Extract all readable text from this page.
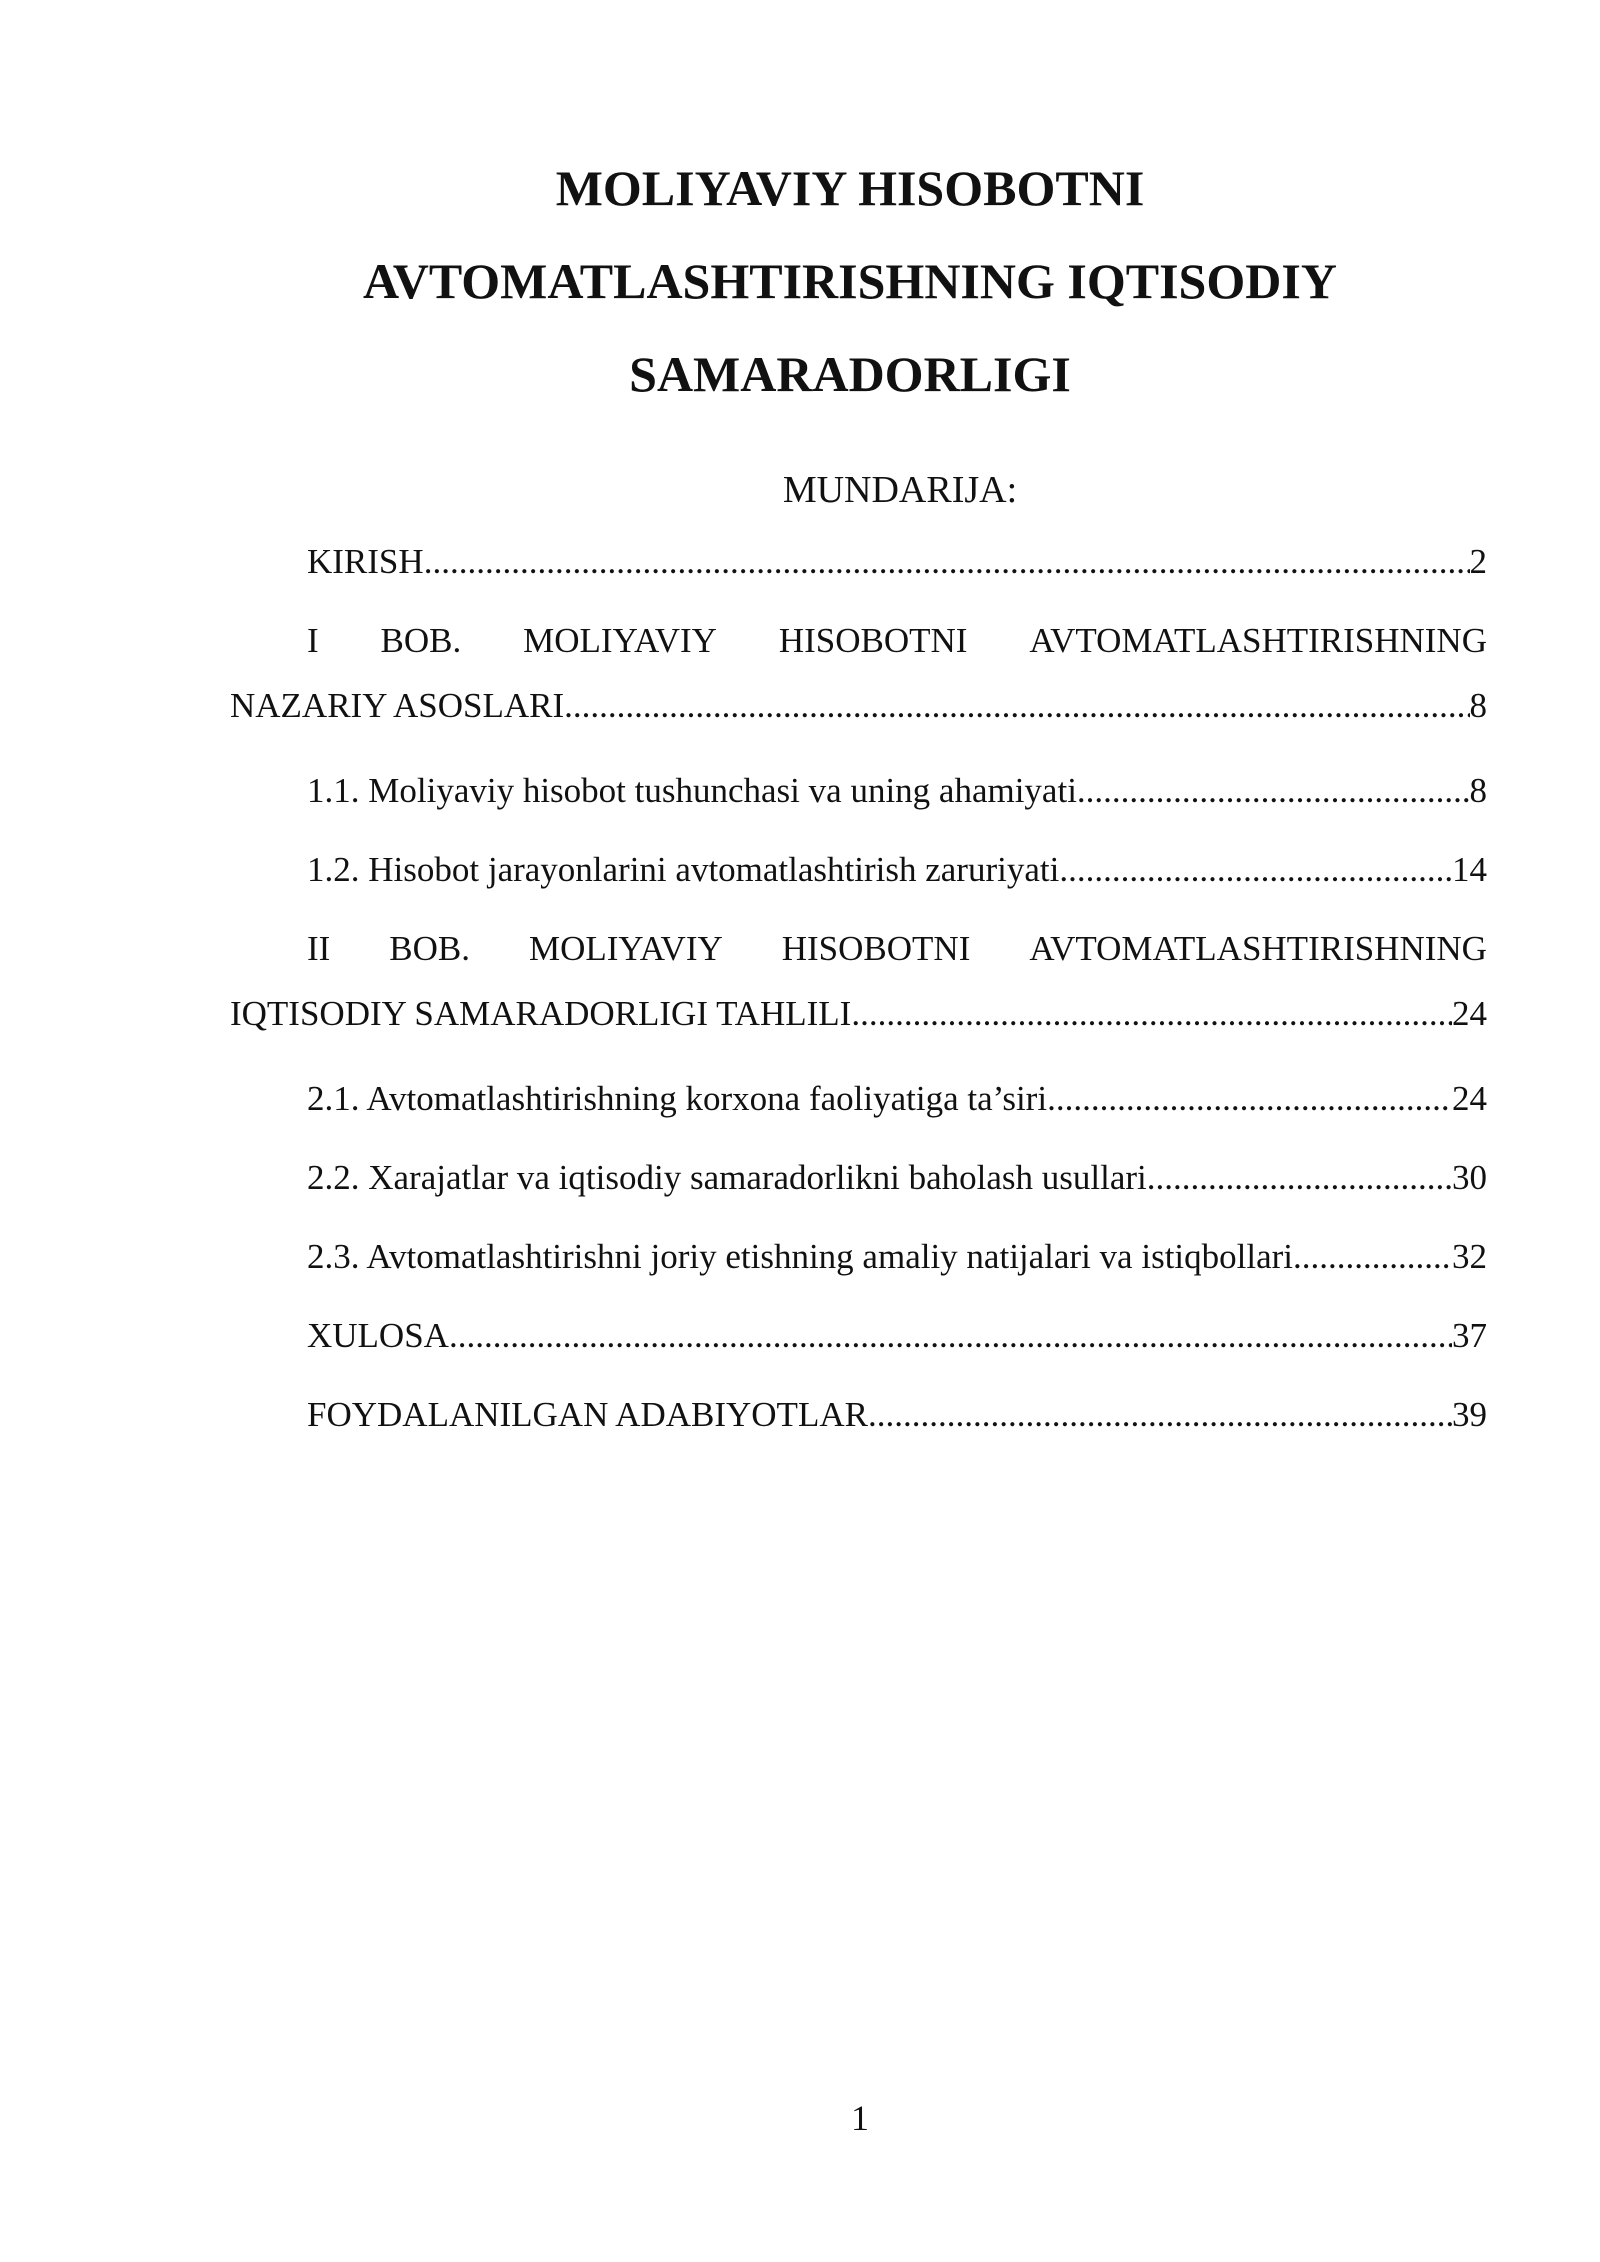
MOLIYAVIY HISOBOTNI
AVTOMATLASHTIRISHNING IQTISODIY
SAMARADORLIGI
MUNDARIJA:
KIRISH .....	2
I BOB. MOLIYAVIY HISOBOTNI AVTOMATLASHTIRISHNING
NAZARIY ASOSLARI .....	8
1.1. Moliyaviy hisobot tushunchasi va uning ahamiyati .....	8
1.2. Hisobot jarayonlarini avtomatlashtirish zaruriyati .....	14
II BOB. MOLIYAVIY HISOBOTNI AVTOMATLASHTIRISHNING
IQTISODIY SAMARADORLIGI TAHLILI .....	24
2.1. Avtomatlashtirishning korxona faoliyatiga ta’siri .....	24
2.2. Xarajatlar va iqtisodiy samaradorlikni baholash usullari .....	30
2.3. Avtomatlashtirishni joriy etishning amaliy natijalari va istiqbollari .....	32
XULOSA .....	37
FOYDALANILGAN ADABIYOTLAR .....	39
1
